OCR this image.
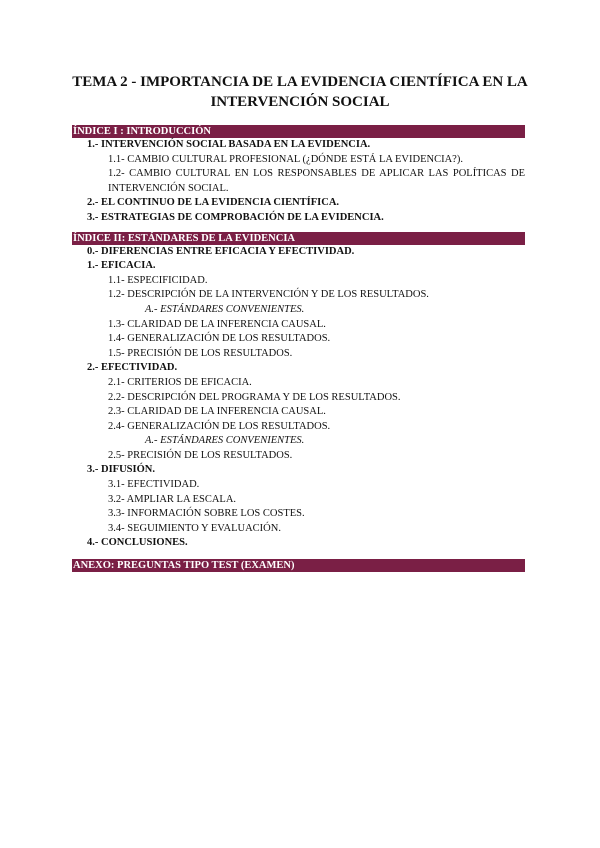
TEMA 2 - IMPORTANCIA DE LA EVIDENCIA CIENTÍFICA EN LA
INTERVENCIÓN SOCIAL
ÍNDICE I : INTRODUCCIÓN
1.- INTERVENCIÓN SOCIAL BASADA EN LA EVIDENCIA.
1.1- CAMBIO CULTURAL PROFESIONAL (¿DÓNDE ESTÁ LA EVIDENCIA?).
1.2- CAMBIO CULTURAL EN LOS RESPONSABLES DE APLICAR LAS POLÍTICAS DE INTERVENCIÓN SOCIAL.
2.- EL CONTINUO DE LA EVIDENCIA CIENTÍFICA.
3.- ESTRATEGIAS DE COMPROBACIÓN DE LA EVIDENCIA.
ÍNDICE II: ESTÁNDARES DE LA EVIDENCIA
0.- DIFERENCIAS ENTRE EFICACIA Y EFECTIVIDAD.
1.- EFICACIA.
1.1- ESPECIFICIDAD.
1.2- DESCRIPCIÓN DE LA INTERVENCIÓN Y DE LOS RESULTADOS.
A.- ESTÁNDARES CONVENIENTES.
1.3- CLARIDAD DE LA INFERENCIA CAUSAL.
1.4- GENERALIZACIÓN DE LOS RESULTADOS.
1.5- PRECISIÓN DE LOS RESULTADOS.
2.- EFECTIVIDAD.
2.1- CRITERIOS DE EFICACIA.
2.2- DESCRIPCIÓN DEL PROGRAMA Y DE LOS RESULTADOS.
2.3- CLARIDAD DE LA INFERENCIA CAUSAL.
2.4- GENERALIZACIÓN DE LOS RESULTADOS.
A.- ESTÁNDARES CONVENIENTES.
2.5- PRECISIÓN DE LOS RESULTADOS.
3.- DIFUSIÓN.
3.1- EFECTIVIDAD.
3.2- AMPLIAR LA ESCALA.
3.3- INFORMACIÓN SOBRE LOS COSTES.
3.4- SEGUIMIENTO Y EVALUACIÓN.
4.- CONCLUSIONES.
ANEXO: PREGUNTAS TIPO TEST (EXAMEN)
